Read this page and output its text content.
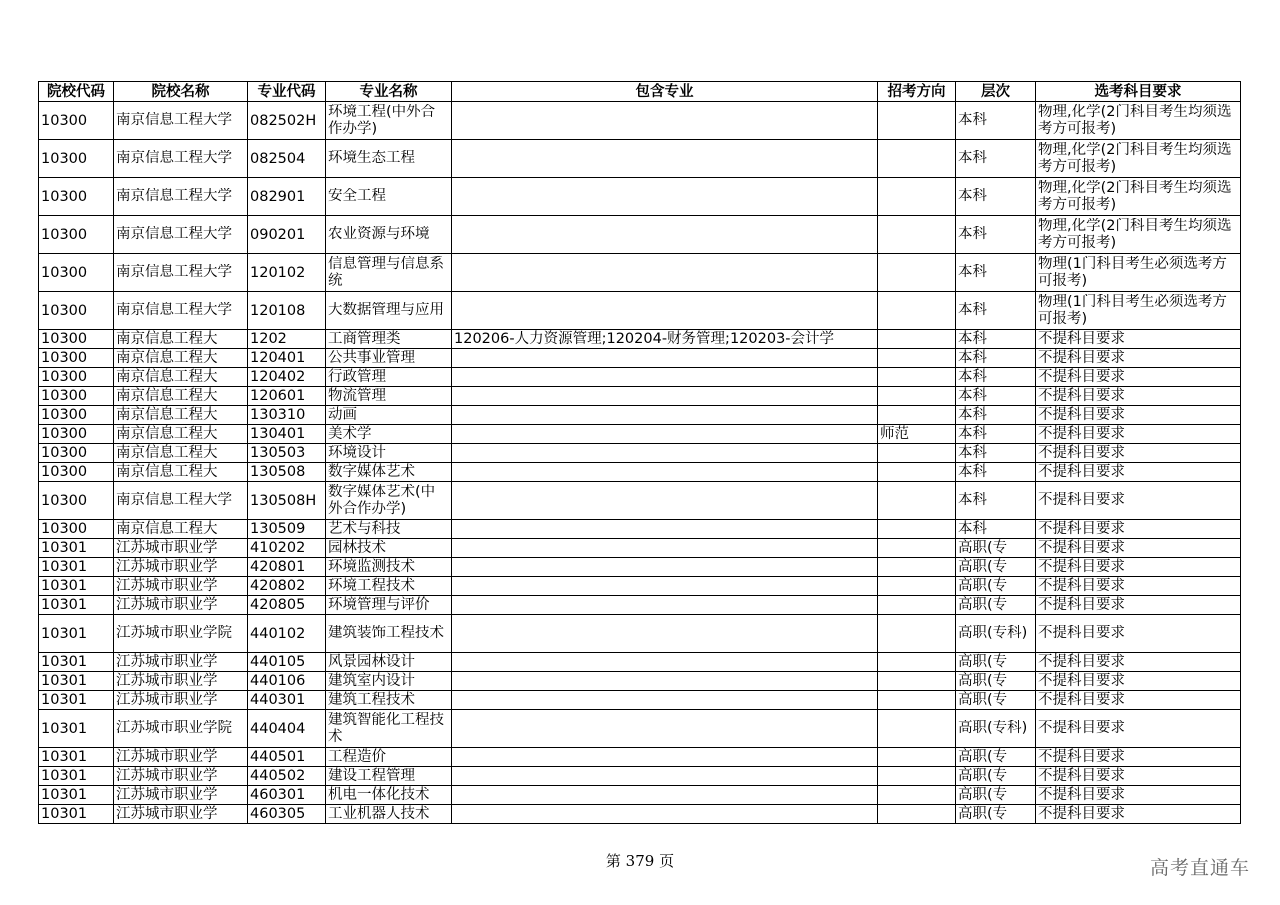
院校代码	院校名称	专业代码	专业名称	包含专业	招考方向	层次	选考科目要求
10300	南京信息工程大学	082502H	环境工程(中外合作办学)			本科	物理,化学(2门科目考生均须选考方可报考)

10300	南京信息工程大学	082504	环境生态工程			本科	物理,化学(2门科目考生均须选考方可报考)

10300	南京信息工程大学	082901	安全工程			本科	物理,化学(2门科目考生均须选考方可报考)

10300	南京信息工程大学	090201	农业资源与环境			本科	物理,化学(2门科目考生均须选考方可报考)

10300	南京信息工程大学	120102	信息管理与信息系统			本科	物理(1门科目考生必须选考方可报考)

10300	南京信息工程大学	120108	大数据管理与应用			本科	物理(1门科目考生必须选考方可报考)

10300	南京信息工程大	1202	工商管理类	120206-人力资源管理;120204-财务管理;120203-会计学		本科	不提科目要求
10300	南京信息工程大	120401	公共事业管理			本科	不提科目要求
10300	南京信息工程大	120402	行政管理			本科	不提科目要求
10300	南京信息工程大	120601	物流管理			本科	不提科目要求
10300	南京信息工程大	130310	动画			本科	不提科目要求
10300	南京信息工程大	130401	美术学		师范	本科	不提科目要求
10300	南京信息工程大	130503	环境设计			本科	不提科目要求
10300	南京信息工程大	130508	数字媒体艺术			本科	不提科目要求
10300	南京信息工程大学	130508H	数字媒体艺术(中外合作办学)			本科	不提科目要求

10300	南京信息工程大	130509	艺术与科技			本科	不提科目要求
10301	江苏城市职业学	410202	园林技术			高职(专	不提科目要求
10301	江苏城市职业学	420801	环境监测技术			高职(专	不提科目要求
10301	江苏城市职业学	420802	环境工程技术			高职(专	不提科目要求
10301	江苏城市职业学	420805	环境管理与评价			高职(专	不提科目要求
10301	江苏城市职业学院	440102	建筑装饰工程技术			高职(专科)	不提科目要求

10301	江苏城市职业学	440105	风景园林设计			高职(专	不提科目要求
10301	江苏城市职业学	440106	建筑室内设计			高职(专	不提科目要求
10301	江苏城市职业学	440301	建筑工程技术			高职(专	不提科目要求
10301	江苏城市职业学院	440404	建筑智能化工程技术			高职(专科)	不提科目要求

10301	江苏城市职业学	440501	工程造价			高职(专	不提科目要求
10301	江苏城市职业学	440502	建设工程管理			高职(专	不提科目要求
10301	江苏城市职业学	460301	机电一体化技术			高职(专	不提科目要求
10301	江苏城市职业学	460305	工业机器人技术			高职(专	不提科目要求
第 379 页	高考直通车
